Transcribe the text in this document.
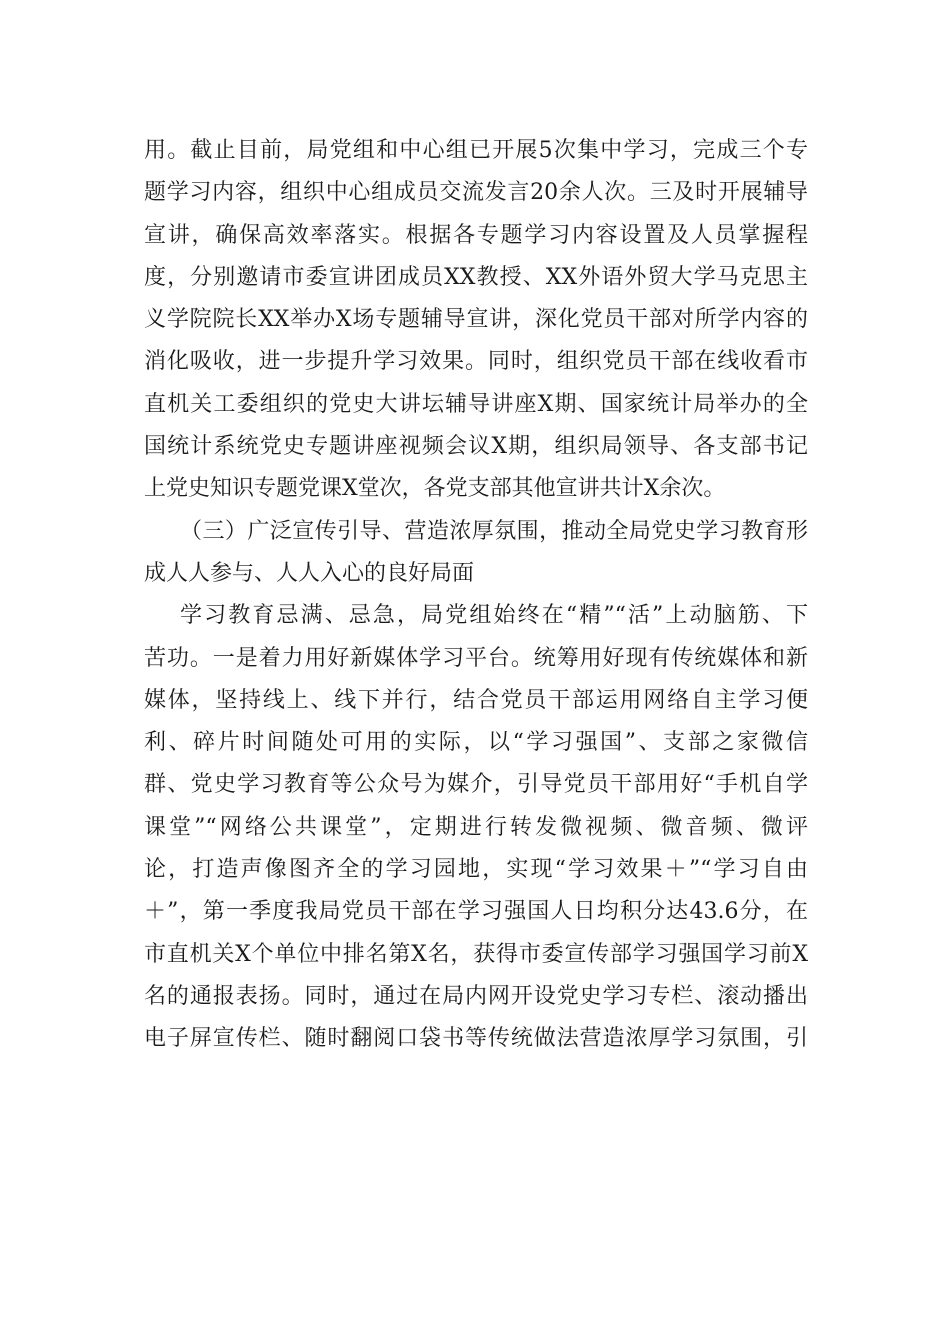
用。截止目前，局党组和中心组已开展5次集中学习，完成三个专
题学习内容，组织中心组成员交流发言20余人次。三及时开展辅导
宣讲，确保高效率落实。根据各专题学习内容设置及人员掌握程
度，分别邀请市委宣讲团成员XX教授、XX外语外贸大学马克思主
义学院院长XX举办X场专题辅导宣讲，深化党员干部对所学内容的
消化吸收，进一步提升学习效果。同时，组织党员干部在线收看市
直机关工委组织的党史大讲坛辅导讲座X期、国家统计局举办的全
国统计系统党史专题讲座视频会议X期，组织局领导、各支部书记
上党史知识专题党课X堂次，各党支部其他宣讲共计X余次。
（三）广泛宣传引导、营造浓厚氛围，推动全局党史学习教育形
成人人参与、人人入心的良好局面
学习教育忌满、忌急，局党组始终在“精”“活”上动脑筋、下
苦功。一是着力用好新媒体学习平台。统筹用好现有传统媒体和新
媒体，坚持线上、线下并行，结合党员干部运用网络自主学习便
利、碎片时间随处可用的实际，以“学习强国”、支部之家微信
群、党史学习教育等公众号为媒介，引导党员干部用好“手机自学
课堂”“网络公共课堂”，定期进行转发微视频、微音频、微评
论，打造声像图齐全的学习园地，实现“学习效果＋”“学习自由
＋”，第一季度我局党员干部在学习强国人日均积分达43.6分，在
市直机关X个单位中排名第X名，获得市委宣传部学习强国学习前X
名的通报表扬。同时，通过在局内网开设党史学习专栏、滚动播出
电子屏宣传栏、随时翻阅口袋书等传统做法营造浓厚学习氛围，引
